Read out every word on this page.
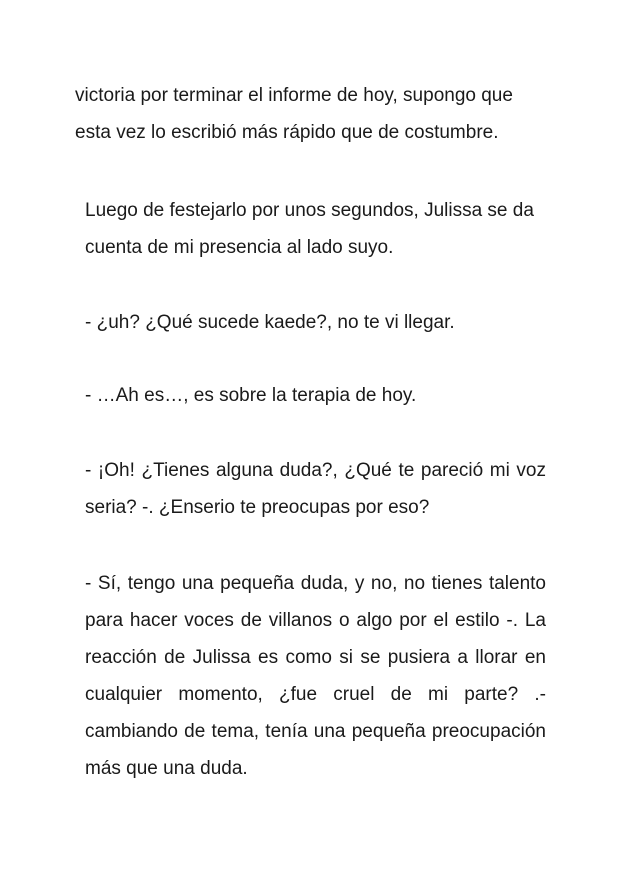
victoria por terminar el informe de hoy, supongo que esta vez lo escribió más rápido que de costumbre.

Luego de festejarlo por unos segundos, Julissa se da cuenta de mi presencia al lado suyo.

- ¿uh? ¿Qué sucede kaede?, no te vi llegar.

- …Ah es…, es sobre la terapia de hoy.

- ¡Oh! ¿Tienes alguna duda?, ¿Qué te pareció mi voz seria? -. ¿Enserio te preocupas por eso?

- Sí, tengo una pequeña duda, y no, no tienes talento para hacer voces de villanos o algo por el estilo -. La reacción de Julissa es como si se pusiera a llorar en cualquier momento, ¿fue cruel de mi parte? .- cambiando de tema, tenía una pequeña preocupación más que una duda.
